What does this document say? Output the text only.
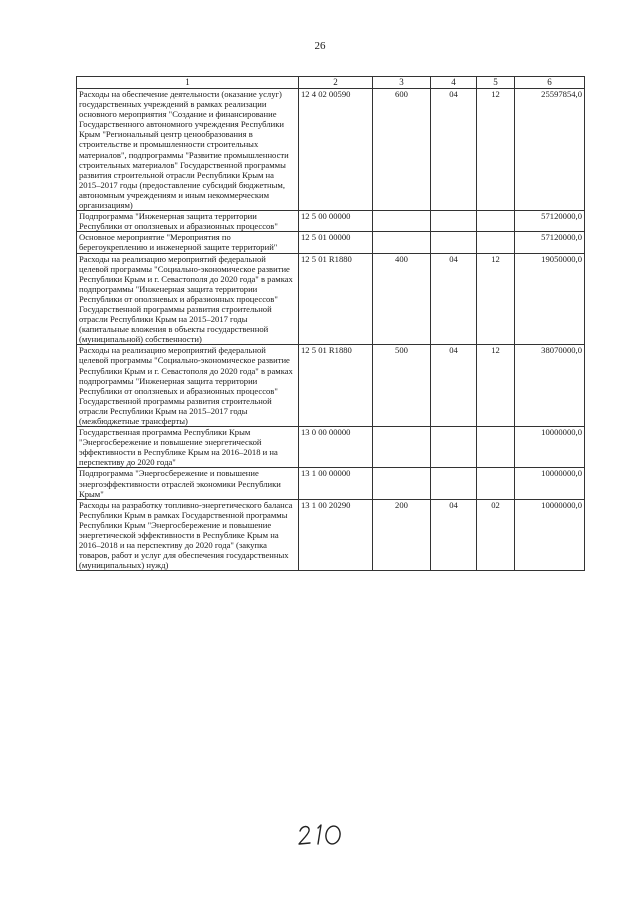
26
1	2	3	4	5	6
Расходы на обеспечение деятельности (оказание услуг) государственных учреждений в рамках реализации основного мероприятия "Создание и финансирование Государственного автономного учреждения Республики Крым "Региональный центр ценообразования в строительстве и промышленности строительных материалов", подпрограммы "Развитие промышленности строительных материалов" Государственной программы развития строительной отрасли Республики Крым на 2015–2017 годы (предоставление субсидий бюджетным, автономным учреждениям и иным некоммерческим организациям)	12 4 02 00590	600	04	12	25597854,0
Подпрограмма "Инженерная защита территории Республики от оползневых и абразионных процессов"	12 5 00 00000				57120000,0
Основное мероприятие "Мероприятия по берегоукреплению и инженерной защите территорий"	12 5 01 00000				57120000,0
Расходы на реализацию мероприятий федеральной целевой программы "Социально-экономическое развитие Республики Крым и г. Севастополя до 2020 года" в рамках подпрограммы "Инженерная защита территории Республики от оползневых и абразионных процессов" Государственной программы развития строительной отрасли Республики Крым на 2015–2017 годы (капитальные вложения в объекты государственной (муниципальной) собственности)	12 5 01 R1880	400	04	12	19050000,0
Расходы на реализацию мероприятий федеральной целевой программы "Социально-экономическое развитие Республики Крым и г. Севастополя до 2020 года" в рамках подпрограммы "Инженерная защита территории Республики от оползневых и абразионных процессов" Государственной программы развития строительной отрасли Республики Крым на 2015–2017 годы (межбюджетные трансферты)	12 5 01 R1880	500	04	12	38070000,0
Государственная программа Республики Крым "Энергосбережение и повышение энергетической эффективности в Республике Крым на 2016–2018 и на перспективу до 2020 года"	13 0 00 00000				10000000,0
Подпрограмма "Энергосбережение и повышение энергоэффективности отраслей экономики Республики Крым"	13 1 00 00000				10000000,0
Расходы на разработку топливно-энергетического баланса Республики Крым в рамках Государственной программы Республики Крым "Энергосбережение и повышение энергетической эффективности в Республике Крым на 2016–2018 и на перспективу до 2020 года" (закупка товаров, работ и услуг для обеспечения государственных (муниципальных) нужд)	13 1 00 20290	200	04	02	10000000,0
